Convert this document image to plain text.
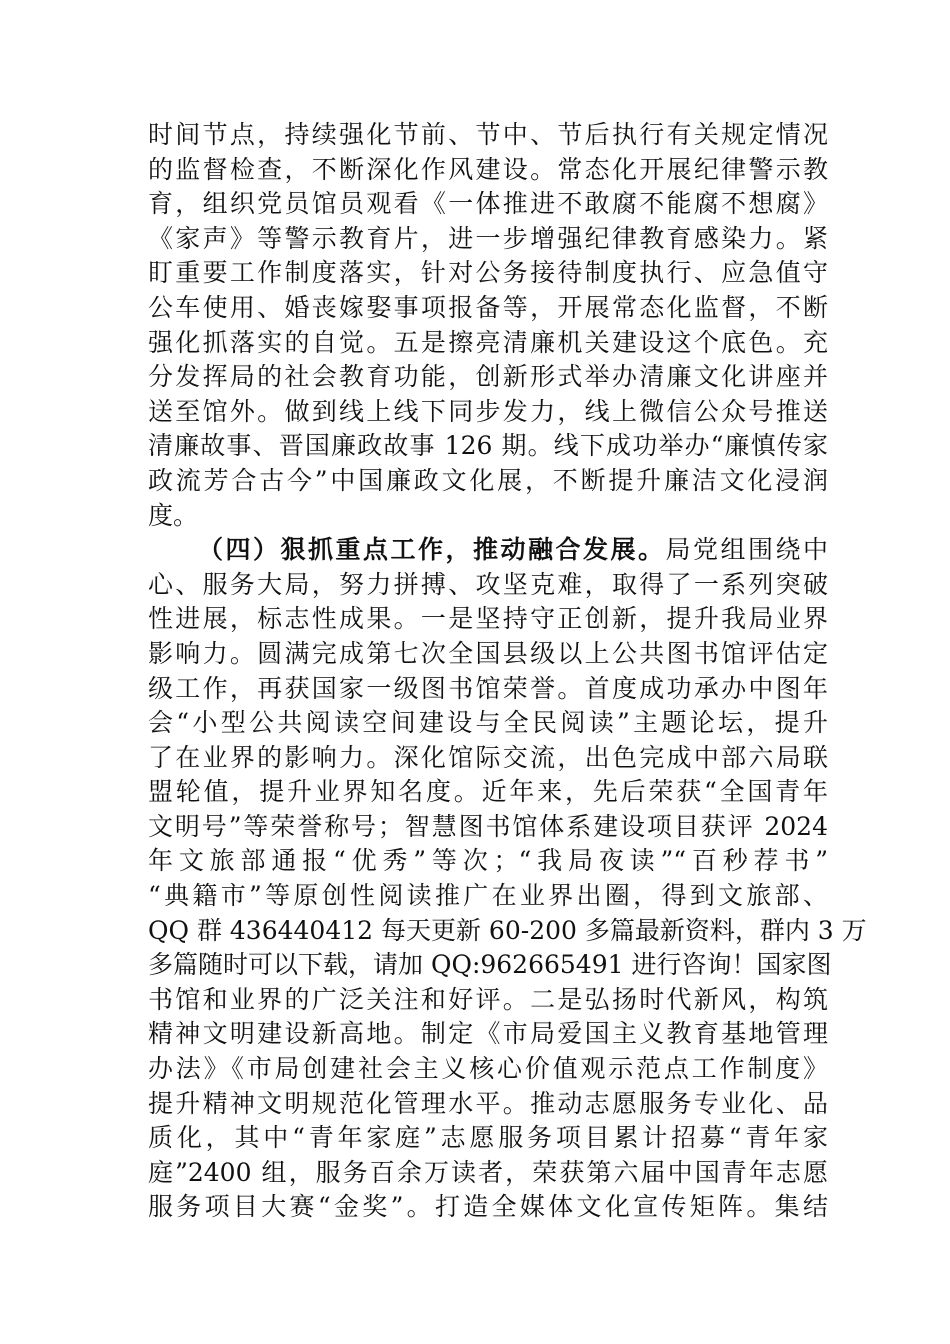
时间节点，持续强化节前、节中、节后执行有关规定情况
的监督检查，不断深化作风建设。常态化开展纪律警示教
育，组织党员馆员观看《一体推进不敢腐不能腐不想腐》
《家声》等警示教育片，进一步增强纪律教育感染力。紧
盯重要工作制度落实，针对公务接待制度执行、应急值守
公车使用、婚丧嫁娶事项报备等，开展常态化监督，不断
强化抓落实的自觉。五是擦亮清廉机关建设这个底色。充
分发挥局的社会教育功能，创新形式举办清廉文化讲座并
送至馆外。做到线上线下同步发力，线上微信公众号推送
清廉故事、晋国廉政故事 126 期。线下成功举办“廉慎传家
政流芳合古今”中国廉政文化展，不断提升廉洁文化浸润
度。
（四）狠抓重点工作，推动融合发展。局党组围绕中
心、服务大局，努力拼搏、攻坚克难，取得了一系列突破
性进展，标志性成果。一是坚持守正创新，提升我局业界
影响力。圆满完成第七次全国县级以上公共图书馆评估定
级工作，再获国家一级图书馆荣誉。首度成功承办中图年
会“小型公共阅读空间建设与全民阅读”主题论坛，提升
了在业界的影响力。深化馆际交流，出色完成中部六局联
盟轮值，提升业界知名度。近年来，先后荣获“全国青年
文明号”等荣誉称号；智慧图书馆体系建设项目获评 2024
年文旅部通报“优秀”等次；“我局夜读”“百秒荐书”
“典籍市”等原创性阅读推广在业界出圈，得到文旅部、
QQ 群 436440412 每天更新 60-200 多篇最新资料，群内 3 万
多篇随时可以下载，请加 QQ:962665491 进行咨询！国家图
书馆和业界的广泛关注和好评。二是弘扬时代新风，构筑
精神文明建设新高地。制定《市局爱国主义教育基地管理
办法》《市局创建社会主义核心价值观示范点工作制度》
提升精神文明规范化管理水平。推动志愿服务专业化、品
质化，其中“青年家庭”志愿服务项目累计招募“青年家
庭”2400 组，服务百余万读者，荣获第六届中国青年志愿
服务项目大赛“金奖”。打造全媒体文化宣传矩阵。集结
